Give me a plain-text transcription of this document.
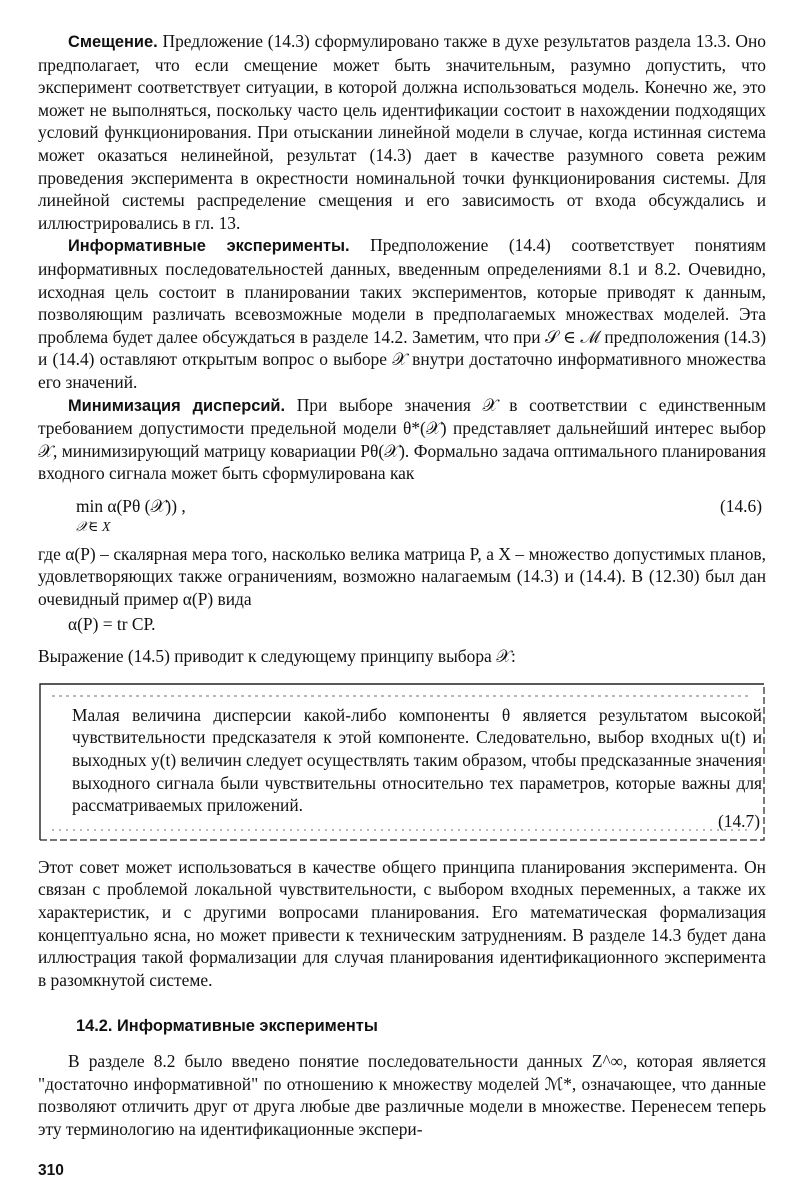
Смещение. Предложение (14.3) сформулировано также в духе результатов раздела 13.3. Оно предполагает, что если смещение может быть значительным, разумно допустить, что эксперимент соответствует ситуации, в которой должна использоваться модель. Конечно же, это может не выполняться, поскольку часто цель идентификации состоит в нахождении подходящих условий функционирования. При отыскании линейной модели в случае, когда истинная система может оказаться нелинейной, результат (14.3) дает в качестве разумного совета режим проведения эксперимента в окрестности номинальной точки функционирования системы. Для линейной системы распределение смещения и его зависимость от входа обсуждались и иллюстрировались в гл. 13.

Информативные эксперименты. Предположение (14.4) соответствует понятиям информативных последовательностей данных, введенным определениями 8.1 и 8.2. Очевидно, исходная цель состоит в планировании таких экспериментов, которые приводят к данным, позволяющим различать всевозможные модели в предполагаемых множествах моделей. Эта проблема будет далее обсуждаться в разделе 14.2. Заметим, что при 𝒮 ∈ ℳ предположения (14.3) и (14.4) оставляют открытым вопрос о выборе 𝒳 внутри достаточно информативного множества его значений.

Минимизация дисперсий. При выборе значения 𝒳 в соответствии с единственным требованием допустимости предельной модели θ*(𝒳) представляет дальнейший интерес выбор 𝒳, минимизирующий матрицу ковариации Pθ(𝒳). Формально задача оптимального планирования входного сигнала может быть сформулирована как

min α(Pθ (𝒳)) ,
𝒳∈ X
(14.6)

где α(P) – скалярная мера того, насколько велика матрица P, а X – множество допустимых планов, удовлетворяющих также ограничениям, возможно налагаемым (14.3) и (14.4). В (12.30) был дан очевидный пример α(P) вида

α(P) = tr CP.

Выражение (14.5) приводит к следующему принципу выбора 𝒳:

Малая величина дисперсии какой-либо компоненты θ является результатом высокой чувствительности предсказателя к этой компоненте. Следовательно, выбор входных u(t) и выходных y(t) величин следует осуществлять таким образом, чтобы предсказанные значения выходного сигнала были чувствительны относительно тех параметров, которые важны для рассматриваемых приложений.
(14.7)

Этот совет может использоваться в качестве общего принципа планирования эксперимента. Он связан с проблемой локальной чувствительности, с выбором входных переменных, а также их характеристик, и с другими вопросами планирования. Его математическая формализация концептуально ясна, но может привести к техническим затруднениям. В разделе 14.3 будет дана иллюстрация такой формализации для случая планирования идентификационного эксперимента в разомкнутой системе.

14.2. Информативные эксперименты

В разделе 8.2 было введено понятие последовательности данных Z^∞, которая является "достаточно информативной" по отношению к множеству моделей ℳ*, означающее, что данные позволяют отличить друг от друга любые две различные модели в множестве. Перенесем теперь эту терминологию на идентификационные экспери-

310
